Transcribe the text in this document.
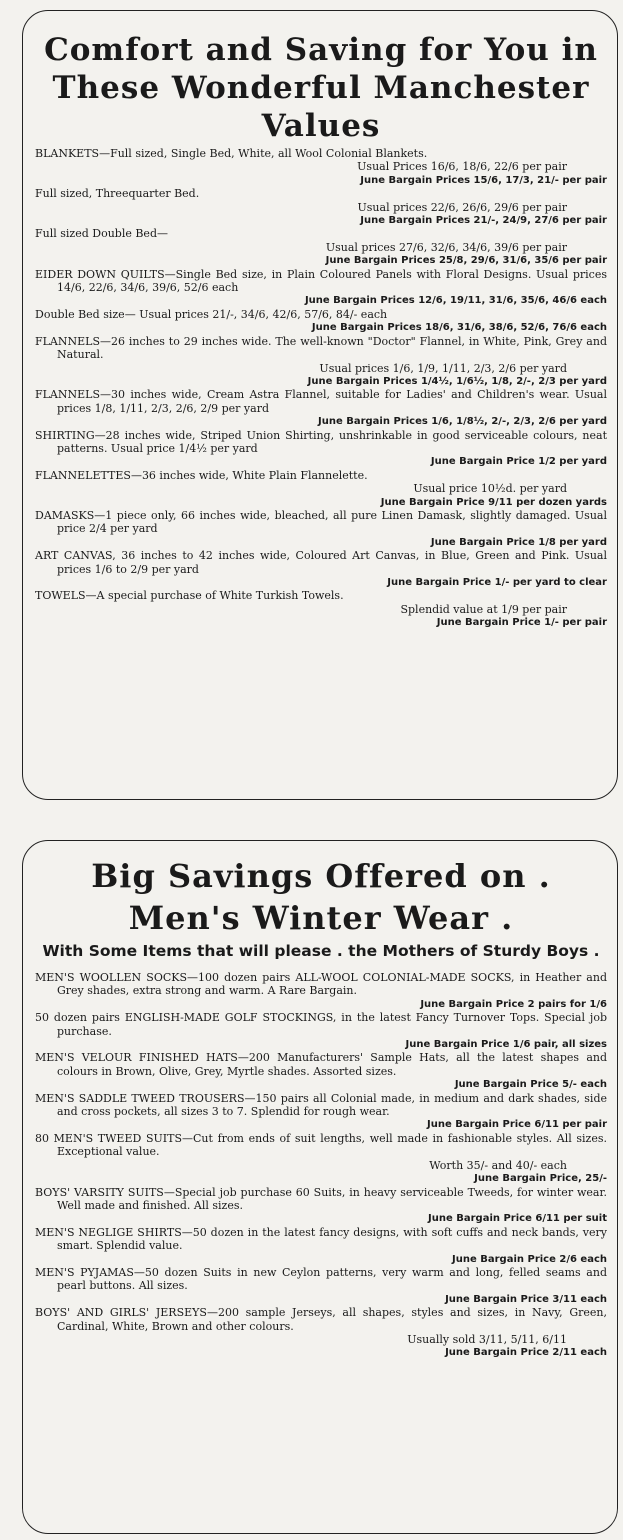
Comfort and Saving for You in These Wonderful Manchester Values

BLANKETS—Full sized, Single Bed, White, all Wool Colonial Blankets.

Usual Prices 16/6, 18/6, 22/6 per pair

June Bargain Prices 15/6, 17/3, 21/- per pair

Full sized, Threequarter Bed.

Usual prices 22/6, 26/6, 29/6 per pair

June Bargain Prices 21/-, 24/9, 27/6 per pair

Full sized Double Bed—

Usual prices 27/6, 32/6, 34/6, 39/6 per pair

June Bargain Prices 25/8, 29/6, 31/6, 35/6 per pair

EIDER DOWN QUILTS—Single Bed size, in Plain Coloured Panels with Floral Designs. Usual prices 14/6, 22/6, 34/6, 39/6, 52/6 each

June Bargain Prices 12/6, 19/11, 31/6, 35/6, 46/6 each

Double Bed size— Usual prices 21/-, 34/6, 42/6, 57/6, 84/- each

June Bargain Prices 18/6, 31/6, 38/6, 52/6, 76/6 each

FLANNELS—26 inches to 29 inches wide. The well-known "Doctor" Flannel, in White, Pink, Grey and Natural.

Usual prices 1/6, 1/9, 1/11, 2/3, 2/6 per yard

June Bargain Prices 1/4½, 1/6½, 1/8, 2/-, 2/3 per yard

FLANNELS—30 inches wide, Cream Astra Flannel, suitable for Ladies' and Children's wear. Usual prices 1/8, 1/11, 2/3, 2/6, 2/9 per yard

June Bargain Prices 1/6, 1/8½, 2/-, 2/3, 2/6 per yard

SHIRTING—28 inches wide, Striped Union Shirting, unshrinkable in good serviceable colours, neat patterns. Usual price 1/4½ per yard

June Bargain Price 1/2 per yard

FLANNELETTES—36 inches wide, White Plain Flannelette.

Usual price 10½d. per yard

June Bargain Price 9/11 per dozen yards

DAMASKS—1 piece only, 66 inches wide, bleached, all pure Linen Damask, slightly damaged. Usual price 2/4 per yard

June Bargain Price 1/8 per yard

ART CANVAS, 36 inches to 42 inches wide, Coloured Art Canvas, in Blue, Green and Pink. Usual prices 1/6 to 2/9 per yard

June Bargain Price 1/- per yard to clear

TOWELS—A special purchase of White Turkish Towels.

Splendid value at 1/9 per pair

June Bargain Price 1/- per pair

Big Savings Offered on . Men's Winter Wear .
With Some Items that will please . the Mothers of Sturdy Boys .

MEN'S WOOLLEN SOCKS—100 dozen pairs ALL-WOOL COLONIAL-MADE SOCKS, in Heather and Grey shades, extra strong and warm. A Rare Bargain.

June Bargain Price 2 pairs for 1/6

50 dozen pairs ENGLISH-MADE GOLF STOCKINGS, in the latest Fancy Turnover Tops. Special job purchase.

June Bargain Price 1/6 pair, all sizes

MEN'S VELOUR FINISHED HATS—200 Manufacturers' Sample Hats, all the latest shapes and colours in Brown, Olive, Grey, Myrtle shades. Assorted sizes.

June Bargain Price 5/- each

MEN'S SADDLE TWEED TROUSERS—150 pairs all Colonial made, in medium and dark shades, side and cross pockets, all sizes 3 to 7. Splendid for rough wear.

June Bargain Price 6/11 per pair

80 MEN'S TWEED SUITS—Cut from ends of suit lengths, well made in fashionable styles. All sizes. Exceptional value.

Worth 35/- and 40/- each

June Bargain Price, 25/-

BOYS' VARSITY SUITS—Special job purchase 60 Suits, in heavy serviceable Tweeds, for winter wear. Well made and finished. All sizes.

June Bargain Price 6/11 per suit

MEN'S NEGLIGE SHIRTS—50 dozen in the latest fancy designs, with soft cuffs and neck bands, very smart. Splendid value.

June Bargain Price 2/6 each

MEN'S PYJAMAS—50 dozen Suits in new Ceylon patterns, very warm and long, felled seams and pearl buttons. All sizes.

June Bargain Price 3/11 each

BOYS' AND GIRLS' JERSEYS—200 sample Jerseys, all shapes, styles and sizes, in Navy, Green, Cardinal, White, Brown and other colours.

Usually sold 3/11, 5/11, 6/11

June Bargain Price 2/11 each
